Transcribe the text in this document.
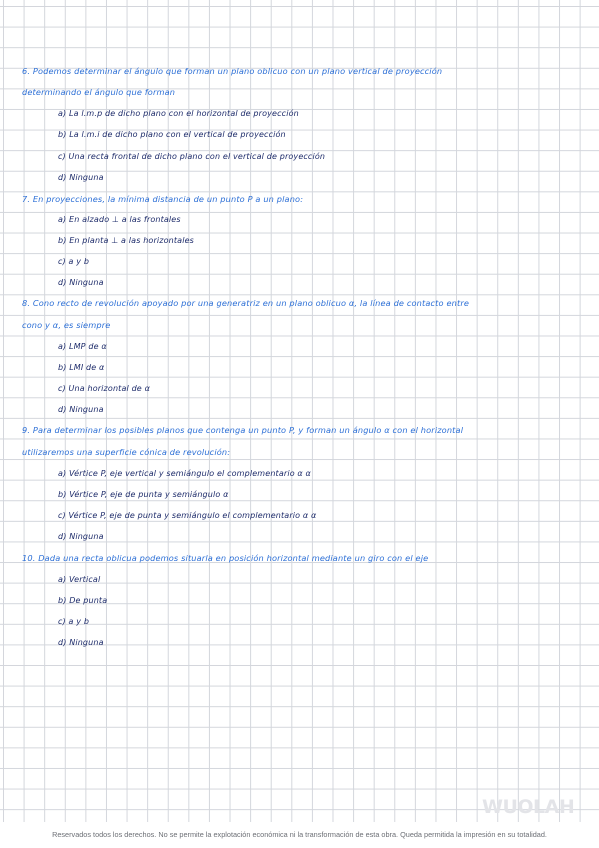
6. Podemos determinar el ángulo que forman un plano oblicuo con un plano vertical de proyección
determinando el ángulo que forman
a) La l.m.p de dicho plano con el horizontal de proyección
b) La l.m.i de dicho plano con el vertical de proyección
c) Una recta frontal de dicho plano con el vertical de proyección
d) Ninguna
7. En proyecciones, la mínima distancia de un punto P a un plano:
a) En alzado ⊥ a las frontales
b) En planta ⊥ a las horizontales
c) a y b
d) Ninguna
8. Cono recto de revolución apoyado por una generatriz en un plano oblicuo α, la línea de contacto entre
cono y α, es siempre
a) LMP de α
b) LMI de α
c) Una horizontal de α
d) Ninguna
9. Para determinar los posibles planos que contenga un punto P, y forman un ángulo α con el horizontal
utilizaremos una superficie cónica de revolución:
a) Vértice P, eje vertical y semiángulo el complementario α α
b) Vértice P, eje de punta y semiángulo α
c) Vértice P, eje de punta y semiángulo el complementario α α
d) Ninguna
10. Dada una recta oblicua podemos situarla en posición horizontal mediante un giro con el eje
a) Vertical
b) De punta
c) a y b
d) Ninguna
WUOLAH
Reservados todos los derechos. No se permite la explotación económica ni la transformación de esta obra. Queda permitida la impresión en su totalidad.
